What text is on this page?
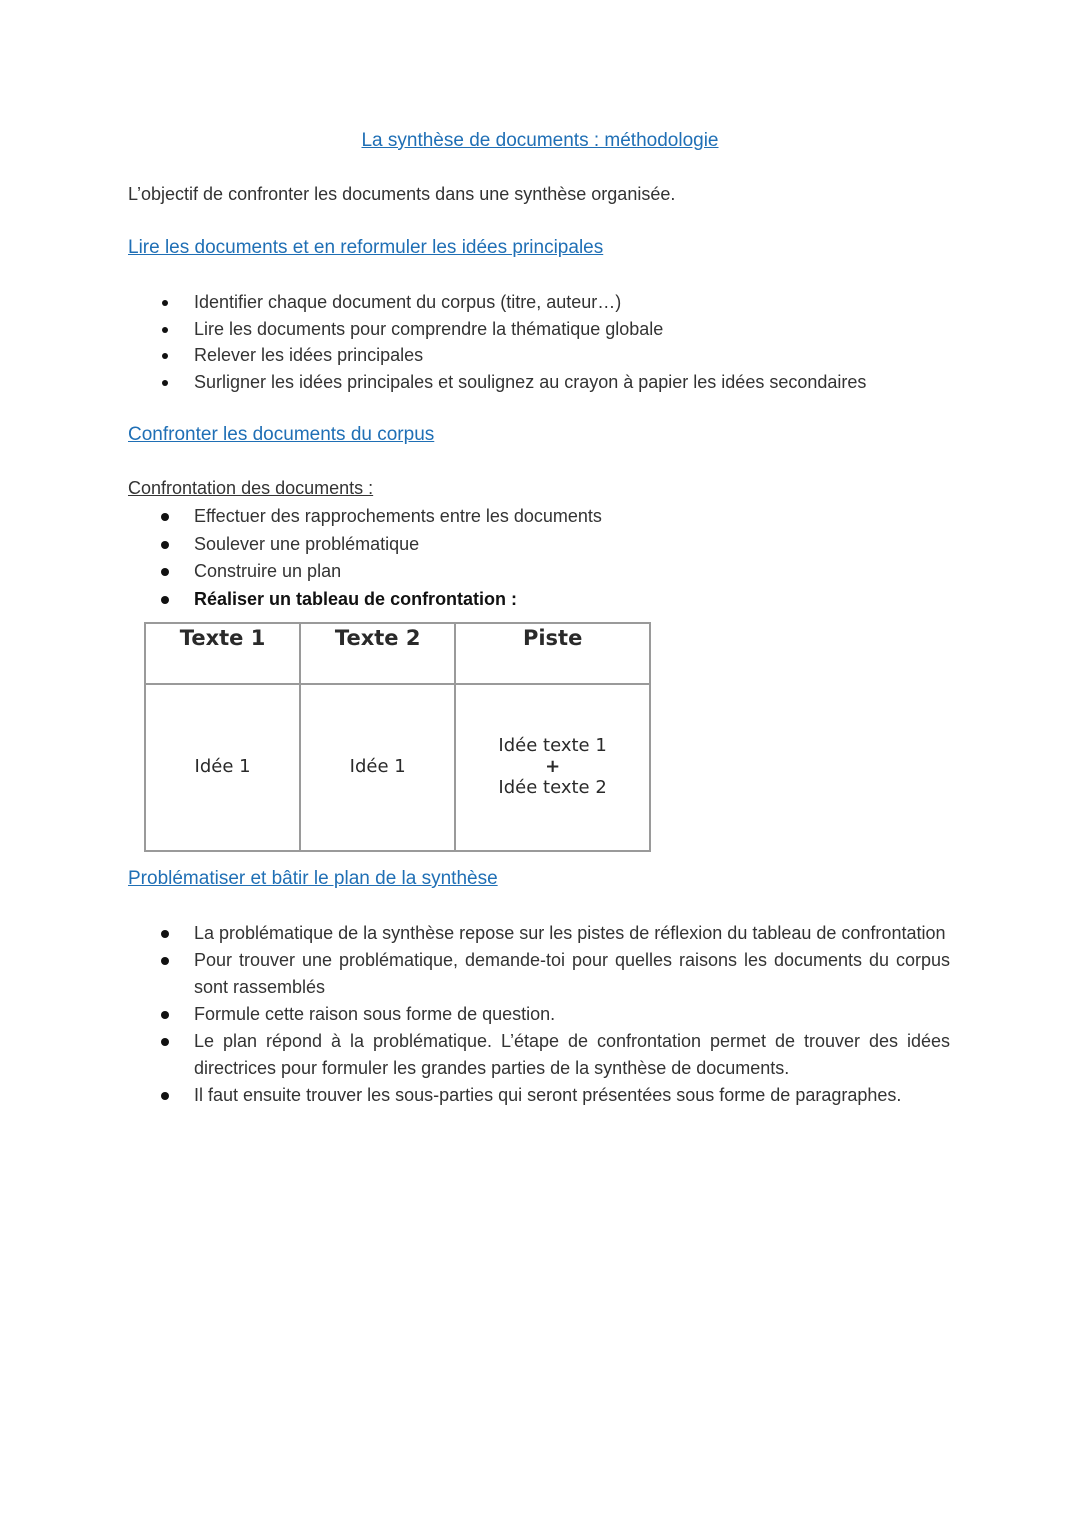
La synthèse de documents : méthodologie
L’objectif de confronter les documents dans une synthèse organisée.
Lire les documents et en reformuler les idées principales
Identifier chaque document du corpus (titre, auteur…)
Lire les documents pour comprendre la thématique globale
Relever les idées principales
Surligner les idées principales et soulignez au crayon à papier les idées secondaires
Confronter les documents du corpus
Confrontation des documents :
Effectuer des rapprochements entre les documents
Soulever une problématique
Construire un plan
Réaliser un tableau de confrontation :
Texte 1	Texte 2	Piste

Idée 1	Idée 1	Idée texte 1
+
Idée texte 2
Problématiser et bâtir le plan de la synthèse
La problématique de la synthèse repose sur les pistes de réflexion du tableau de confrontation
Pour trouver une problématique, demande-toi pour quelles raisons les documents du corpus sont rassemblés
Formule cette raison sous forme de question.
Le plan répond à la problématique. L’étape de confrontation permet de trouver des idées directrices pour formuler les grandes parties de la synthèse de documents.
Il faut ensuite trouver les sous-parties qui seront présentées sous forme de paragraphes.
